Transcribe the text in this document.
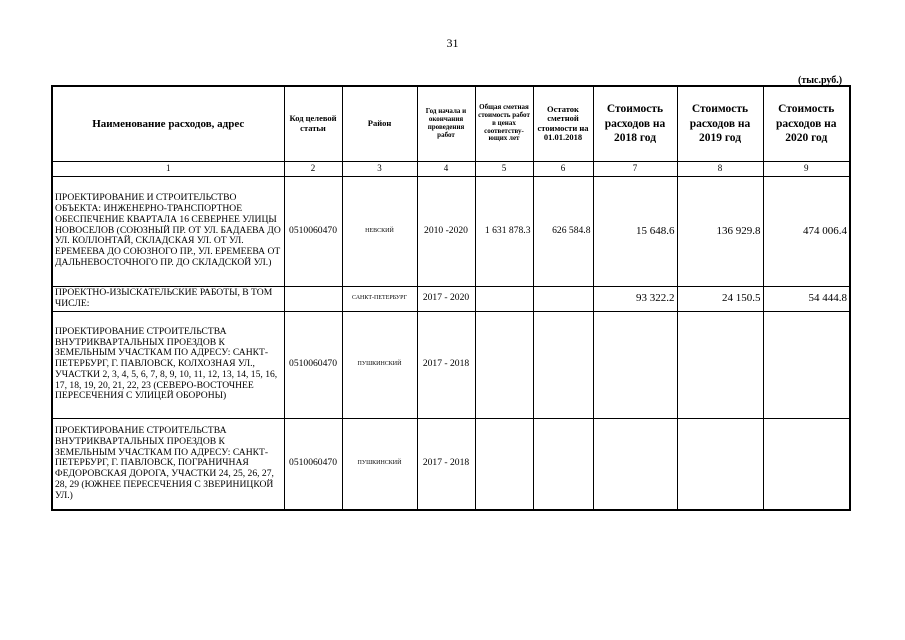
31
(тыс.руб.)
Наименование расходов, адрес	Код целевой статьи	Район	Год начала и окончания проведения работ	Общая сметная стоимость работ в ценах соответству-ющих лет	Остаток сметной стоимости на 01.01.2018	Стоимость расходов на 2018 год	Стоимость расходов на 2019 год	Стоимость расходов на 2020 год
1	2	3	4	5	6	7	8	9
ПРОЕКТИРОВАНИЕ И СТРОИТЕЛЬСТВО ОБЪЕКТА: ИНЖЕНЕРНО-ТРАНСПОРТНОЕ ОБЕСПЕЧЕНИЕ КВАРТАЛА 16 СЕВЕРНЕЕ УЛИЦЫ НОВОСЕЛОВ (СОЮЗНЫЙ ПР. ОТ УЛ. БАДАЕВА ДО УЛ. КОЛЛОНТАЙ, СКЛАДСКАЯ УЛ. ОТ УЛ. ЕРЕМЕЕВА ДО СОЮЗНОГО ПР., УЛ. ЕРЕМЕЕВА ОТ ДАЛЬНЕВОСТОЧНОГО ПР. ДО СКЛАДСКОЙ УЛ.)	0510060470	НЕВСКИЙ	2010 -2020	1 631 878.3	626 584.8	15 648.6	136 929.8	474 006.4
ПРОЕКТНО-ИЗЫСКАТЕЛЬСКИЕ РАБОТЫ, В ТОМ ЧИСЛЕ:		САНКТ-ПЕТЕРБУРГ	2017 - 2020			93 322.2	24 150.5	54 444.8
ПРОЕКТИРОВАНИЕ СТРОИТЕЛЬСТВА ВНУТРИКВАРТАЛЬНЫХ ПРОЕЗДОВ К ЗЕМЕЛЬНЫМ УЧАСТКАМ ПО АДРЕСУ: САНКТ-ПЕТЕРБУРГ, Г. ПАВЛОВСК, КОЛХОЗНАЯ УЛ., УЧАСТКИ 2, 3, 4, 5, 6, 7, 8, 9, 10, 11, 12, 13, 14, 15, 16, 17, 18, 19, 20, 21, 22, 23 (СЕВЕРО-ВОСТОЧНЕЕ ПЕРЕСЕЧЕНИЯ С УЛИЦЕЙ ОБОРОНЫ)	0510060470	ПУШКИНСКИЙ	2017 - 2018					
ПРОЕКТИРОВАНИЕ СТРОИТЕЛЬСТВА ВНУТРИКВАРТАЛЬНЫХ ПРОЕЗДОВ К ЗЕМЕЛЬНЫМ УЧАСТКАМ ПО АДРЕСУ: САНКТ-ПЕТЕРБУРГ, Г. ПАВЛОВСК, ПОГРАНИЧНАЯ ФЕДОРОВСКАЯ ДОРОГА, УЧАСТКИ 24, 25, 26, 27, 28, 29 (ЮЖНЕЕ ПЕРЕСЕЧЕНИЯ С ЗВЕРИНИЦКОЙ УЛ.)	0510060470	ПУШКИНСКИЙ	2017 - 2018					
